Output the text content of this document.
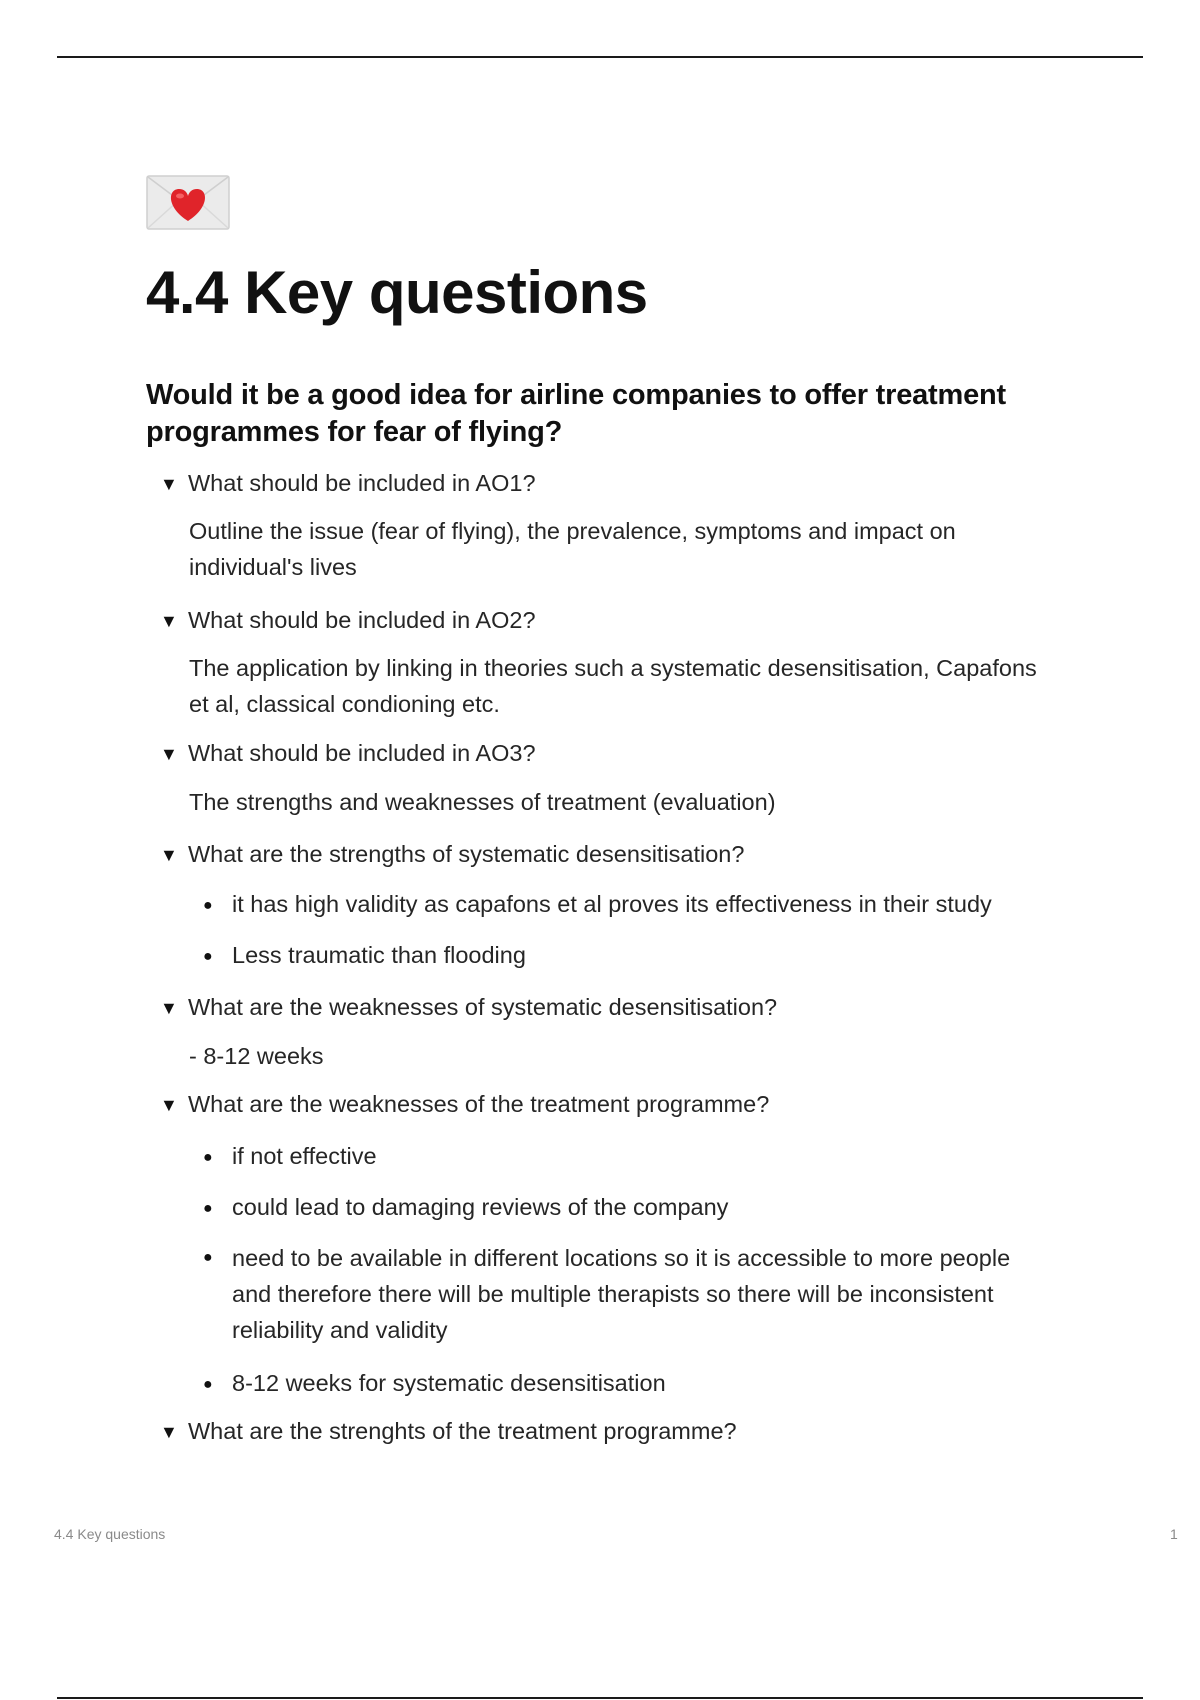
4.4 Key questions
Would it be a good idea for airline companies to offer treatment programmes for fear of flying?
▼ What should be included in AO1?
Outline the issue (fear of flying), the prevalence, symptoms and impact on individual's lives
▼ What should be included in AO2?
The application by linking in theories such a systematic desensitisation, Capafons et al, classical condioning etc.
▼ What should be included in AO3?
The strengths and weaknesses of treatment (evaluation)
▼ What are the strengths of systematic desensitisation?
● it has high validity as capafons et al proves its effectiveness in their study
● Less traumatic than flooding
▼ What are the weaknesses of systematic desensitisation?
- 8-12 weeks
▼ What are the weaknesses of the treatment programme?
● if not effective
● could lead to damaging reviews of the company
● need to be available in different locations so it is accessible to more people and therefore there will be multiple therapists so there will be inconsistent reliability and validity
● 8-12 weeks for systematic desensitisation
▼ What are the strenghts of the treatment programme?
4.4 Key questions	1
